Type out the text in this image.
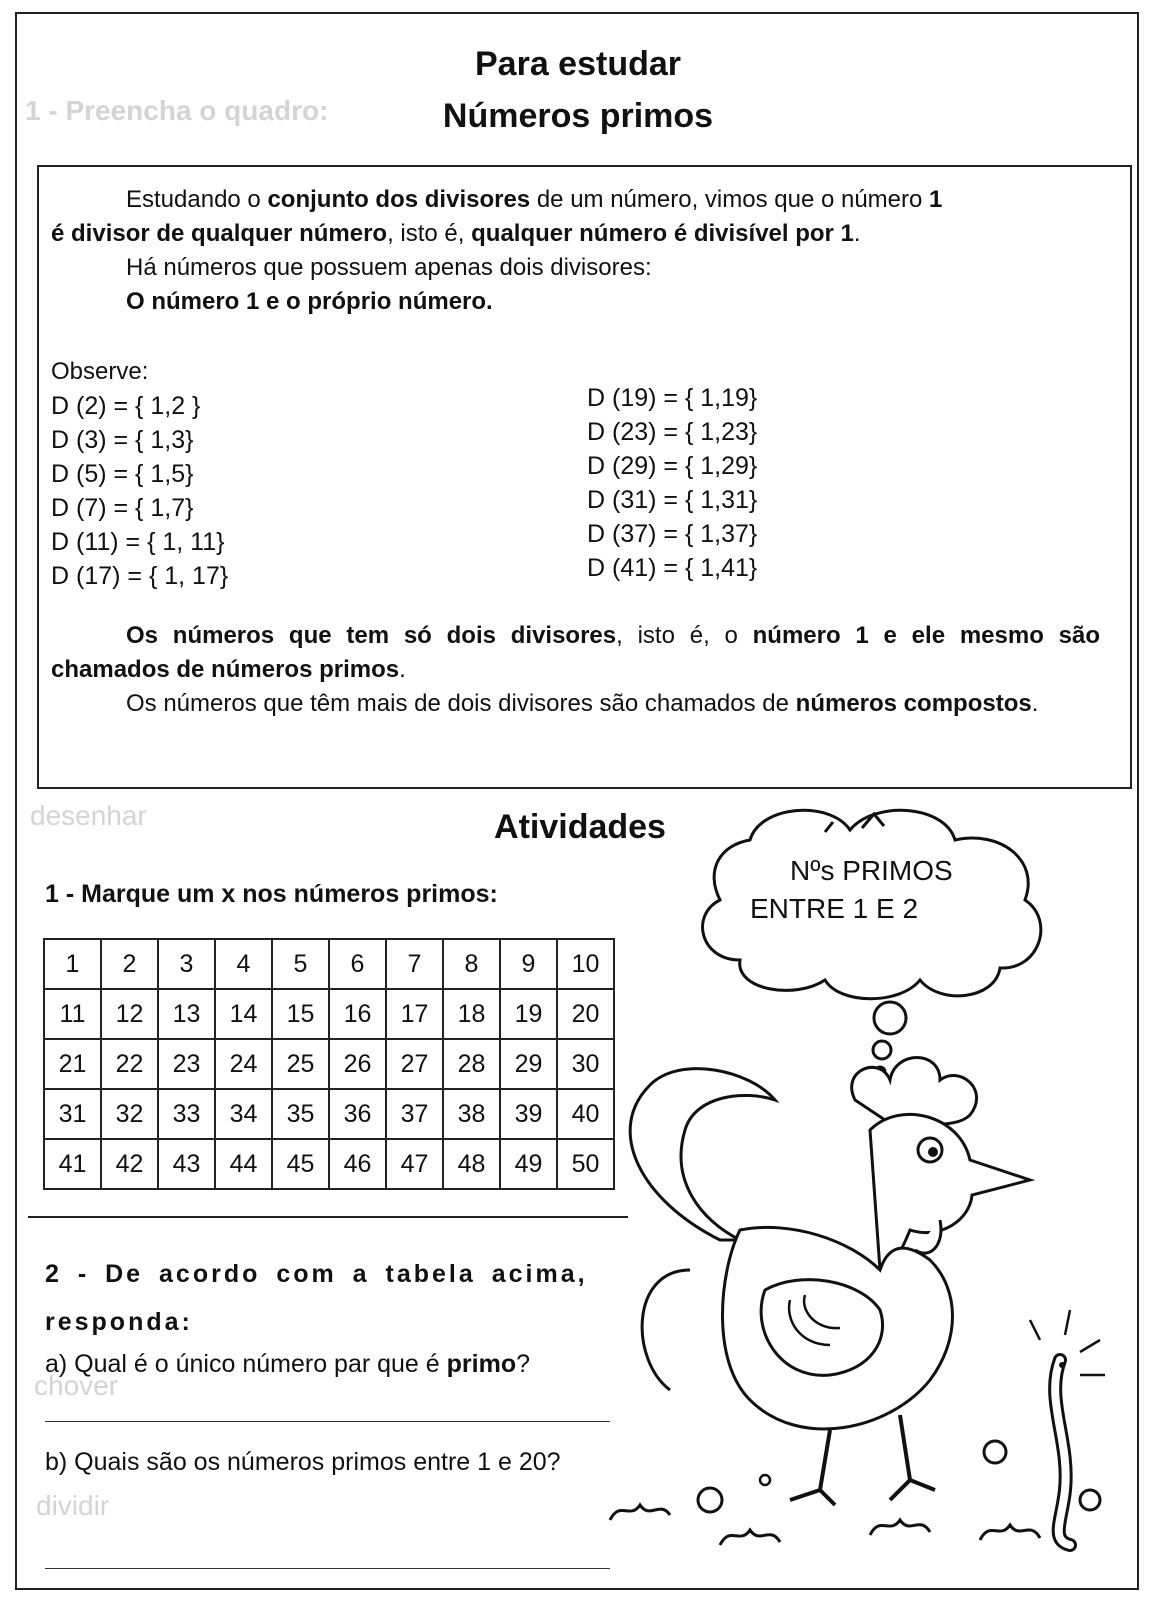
1 - Preencha o quadro:
desenhar
chover
dividir
Para estudar
Números primos

Estudando o conjunto dos divisores de um número, vimos que o número 1
é divisor de qualquer número, isto é, qualquer número é divisível por 1.

Há números que possuem apenas dois divisores:

O número 1 e o próprio número.

Observe:

D (2) = { 1,2 }
D (3) = { 1,3}
D (5) = { 1,5}
D (7) = { 1,7}
D (11) = { 1, 11}
D (17) = { 1, 17}
D (19) = { 1,19}
D (23) = { 1,23}
D (29) = { 1,29}
D (31) = { 1,31}
D (37) = { 1,37}
D (41) = { 1,41}

Os números que tem só dois divisores, isto é, o número 1 e ele mesmo são chamados de números primos.

Os números que têm mais de dois divisores são chamados de números compostos.

Atividades

1 - Marque um x nos números primos:

1	2	3	4	5	6	7	8	9	10
11	12	13	14	15	16	17	18	19	20
21	22	23	24	25	26	27	28	29	30
31	32	33	34	35	36	37	38	39	40
41	42	43	44	45	46	47	48	49	50

2 - De acordo com a tabela acima,
responda:

a) Qual é o único número par que é primo?

b) Quais são os números primos entre 1 e 20?

Nºs PRIMOS
ENTRE 1 E 2
